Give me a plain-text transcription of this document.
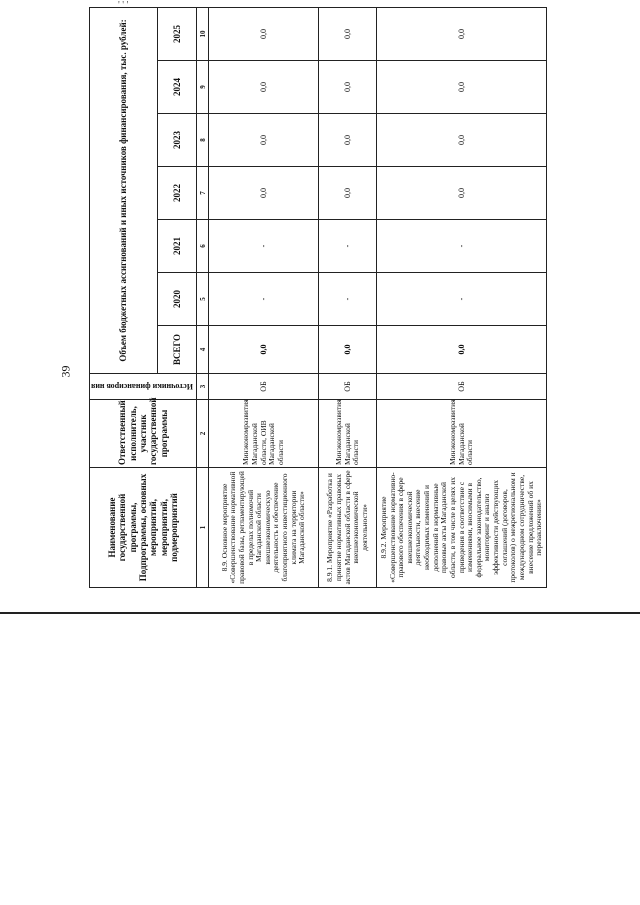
' ' '
39
Наименование государственной программы, Подпрограммы, основных мероприятий, мероприятий, подмероприятий	Ответственный исполнитель, участник государственной программы	Источники финансиров ния	Объем бюджетных ассигнований и иных источников финансирования, тыс. рублей:						
			ВСЕГО	2020	2021	2022	2023	2024	2025
1	2	3	4	5	6	7	8	9	10
8.9. Основное мероприятие «Совершенствование нормативной правовой базы, регламентирующей в пределах полномочий Магаданской области внешнеэкономическую деятельность и обеспечение благоприятного инвестиционного климата на территории Магаданской области»	Минэкономразвития Магаданской области, ОИВ Магаданской области	ОБ	0,0	-	-	0,0	0,0	0,0	0,0
8.9.1. Мероприятие «Разработка и принятие нормативных правовых актов Магаданской области в сфере внешнеэкономической деятельности»	Минэкономразвития Магаданской области	ОБ	0,0	-	-	0,0	0,0	0,0	0,0
8.9.2. Мероприятие «Совершенствование нормативно-правового обеспечения в сфере внешнеэкономической деятельности, внесение необходимых изменений и дополнений в нормативные правовые акты Магаданской области, в том числе в целях их приведения в соответствие с изменениями, вносимыми в федеральное законодательство, мониторинг и анализ эффективности действующих соглашений (договоров, протоколов) о межрегиональном и международном сотрудничестве, внесение предложений об их перезаключении»	Минэкономразвития Магаданской области	ОБ	0,0	-	-	0,0	0,0	0,0	0,0
